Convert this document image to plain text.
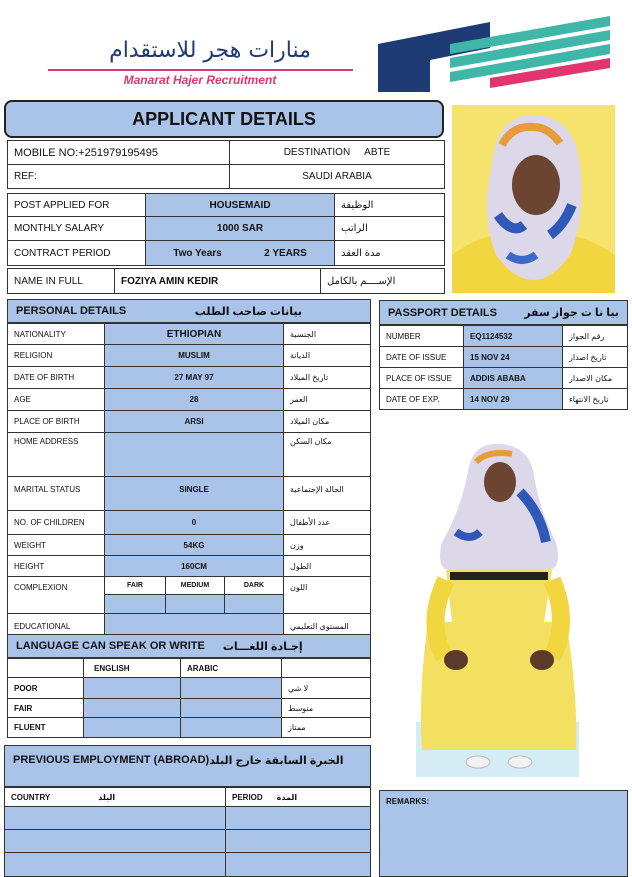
منارات هجر للاستقدام
Manarat Hajer Recruitment
APPLICANT DETAILS
MOBILE NO:+251979195495	DESTINATION ABTE
REF:	SAUDI ARABIA
POST APPLIED FOR	HOUSEMAID	الوظيفة
MONTHLY SALARY	1000 SAR	الراتب
CONTRACT PERIOD	Two Years	2 YEARS	مدة العقد
NAME IN FULL	FOZIYA AMIN KEDIR	الإســــم بالكامل
PERSONAL DETAILS	بيانات صاحب الطلب
NATIONALITY	ETHIOPIAN	الجنسية
RELIGION	MUSLIM	الديانة
DATE OF BIRTH	27 MAY 97	تاريخ الميلاد
AGE	28	العمر
PLACE OF BIRTH	ARSI	مكان الميلاد
HOME ADDRESS	مكان السكن
MARITAL STATUS	SINGLE	الحالة الإجتماعية
NO. OF CHILDREN	0	عدد الأطفال
WEIGHT	54KG	وزن
HEIGHT	160CM	الطول
COMPLEXION	FAIR	MEDIUM	DARK	اللون
EDUCATIONAL	المستوى التعليمي
PASSPORT DETAILS بيا نا ت جواز سفر
NUMBER	EQ1124532	رقم الجواز
DATE OF ISSUE	15 NOV 24	تاريخ اصدار
PLACE OF ISSUE	ADDIS ABABA	مكان الاصدار
DATE OF EXP.	14 NOV 29	تاريخ الانتهاء
LANGUAGE CAN SPEAK OR WRITE إجـادة اللغـــات
ENGLISH	ARABIC
POOR	لا شي
FAIR	متوسط
FLUENT	ممتاز
PREVIOUS EMPLOYMENT (ABROAD) الخبرة السابقة خارج البلد
COUNTRY	البلد	PERIOD المدة	REMARKS:
